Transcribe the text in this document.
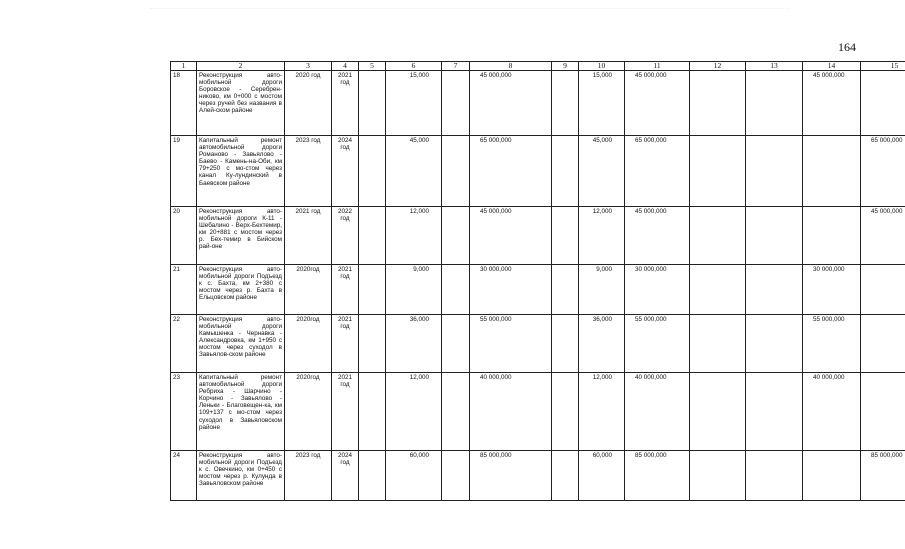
164
1	2	3	4	5	6	7	8	9	10	11	12	13	14	15
18	Реконструкция авто-мобильной дороги Боровское - Серебрен-никово, км 0+000 с мостом через ручей без названия в Алей-ском районе	2020 год	2021 год		15,000		45 000,000		15,000	45 000,000			45 000,000	
19	Капитальный ремонт автомобильной дороги Романово - Завьялово - Баево - Камень-на-Оби, км 79+250 с мо-стом через канал Ку-лундинский в Баевском районе	2023 год	2024 год		45,000		65 000,000		45,000	65 000,000				65 000,000
20	Реконструкция авто-мобильной дороги К-11 - Шебалино - Верх-Бехтемир, км 20+881 с мостом через р. Бех-темир в Бийском рай-оне	2021 год	2022 год		12,000		45 000,000		12,000	45 000,000				45 000,000
21	Реконструкция авто-мобильной дороги Подъезд к с. Бахта, км 2+380 с мостом через р. Бахта в Ельцовском районе	2020год	2021 год		9,000		30 000,000		9,000	30 000,000			30 000,000	
22	Реконструкция авто-мобильной дороги Камышенка - Чернавка - Александровка, км 1+950 с мостом через суходол в Завьялов-ском районе	2020год	2021 год		36,000		55 000,000		36,000	55 000,000			55 000,000	
23	Капитальный ремонт автомобильной дороги Ребриха - Шарчино - Корчино - Завьялово - Леньки - Благовещен-ка, км 109+137 с мо-стом через суходол в Завьяловском районе	2020год	2021 год		12,000		40 000,000		12,000	40 000,000			40 000,000	
24	Реконструкция авто-мобильной дороги Подъезд к с. Овечкино, км 0+450 с мостом через р. Кулунда в Завьяловском районе	2023 год	2024 год		60,000		85 000,000		60,000	85 000,000				85 000,000
